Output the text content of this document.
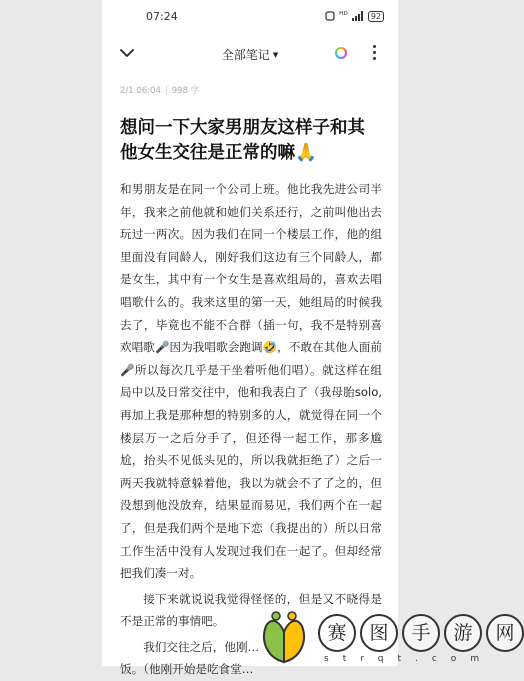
07:24	ᴴᴰ	92
全部笔记 ▼
2/1 06:04 | 998 字
想问一下大家男朋友这样子和其他女生交往是正常的嘛🙏

和男朋友是在同一个公司上班。他比我先进公司半年，我来之前他就和她们关系还行，之前叫他出去玩过一两次。因为我们在同一个楼层工作，他的组里面没有同龄人，刚好我们这边有三个同龄人，都是女生，其中有一个女生是喜欢组局的，喜欢去唱唱歌什么的。我来这里的第一天，她组局的时候我去了，毕竟也不能不合群（插一句，我不是特别喜欢唱歌🎤因为我唱歌会跑调🤣，不敢在其他人面前🎤所以每次几乎是干坐着听他们唱）。就这样在组局中以及日常交往中，他和我表白了（我母胎solo,再加上我是那种想的特别多的人，就觉得在同一个楼层万一之后分手了，但还得一起工作，那多尴尬，抬头不见低头见的，所以我就拒绝了）之后一两天我就特意躲着他，我以为就会不了了之的，但没想到他没放弃，结果显而易见，我们两个在一起了，但是我们两个是地下恋（我提出的）所以日常工作生活中没有人发现过我们在一起了。但却经常把我们凑一对。

接下来就说说我觉得怪怪的，但是又不晓得是不是正常的事情吧。

我们交往之后，他刚…

饭。（他刚开始是吃食堂…

赛	图	手	游	网
strqt.com
